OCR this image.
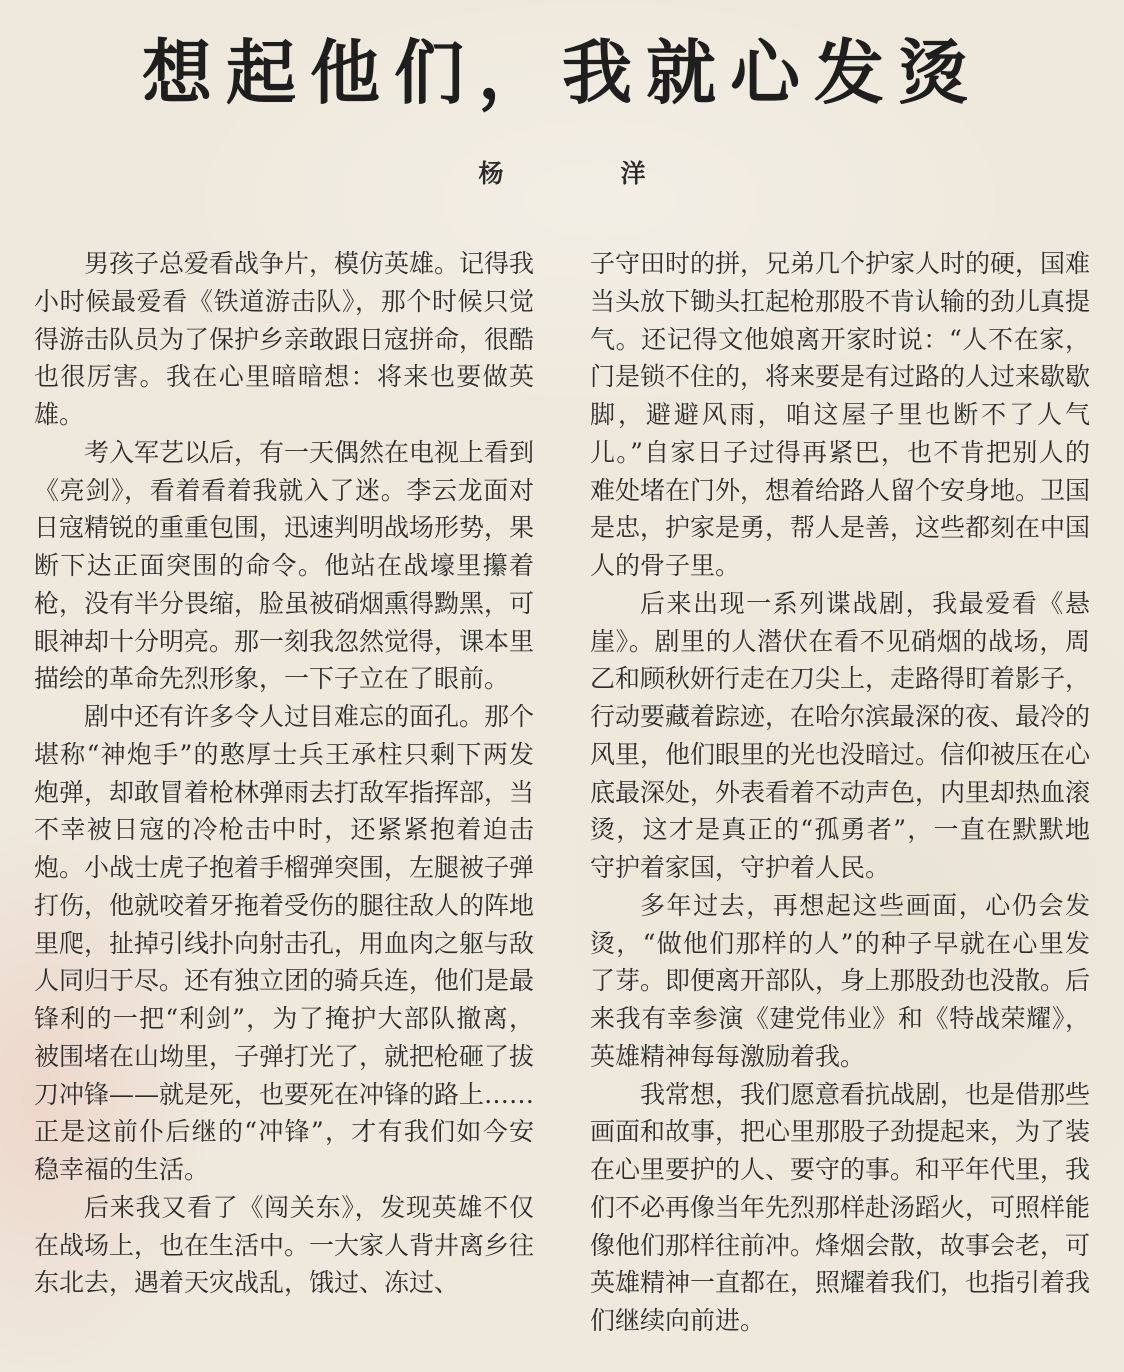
想起他们，我就心发烫
杨　洋

男孩子总爱看战争片，模仿英雄。记得我小时候最爱看《铁道游击队》，那个时候只觉得游击队员为了保护乡亲敢跟日寇拼命，很酷也很厉害。我在心里暗暗想：将来也要做英雄。

考入军艺以后，有一天偶然在电视上看到《亮剑》，看着看着我就入了迷。李云龙面对日寇精锐的重重包围，迅速判明战场形势，果断下达正面突围的命令。他站在战壕里攥着枪，没有半分畏缩，脸虽被硝烟熏得黝黑，可眼神却十分明亮。那一刻我忽然觉得，课本里描绘的革命先烈形象，一下子立在了眼前。

剧中还有许多令人过目难忘的面孔。那个堪称“神炮手”的憨厚士兵王承柱只剩下两发炮弹，却敢冒着枪林弹雨去打敌军指挥部，当不幸被日寇的冷枪击中时，还紧紧抱着迫击炮。小战士虎子抱着手榴弹突围，左腿被子弹打伤，他就咬着牙拖着受伤的腿往敌人的阵地里爬，扯掉引线扑向射击孔，用血肉之躯与敌人同归于尽。还有独立团的骑兵连，他们是最锋利的一把“利剑”，为了掩护大部队撤离，被围堵在山坳里，子弹打光了，就把枪砸了拔刀冲锋——就是死，也要死在冲锋的路上……正是这前仆后继的“冲锋”，才有我们如今安稳幸福的生活。

后来我又看了《闯关东》，发现英雄不仅在战场上，也在生活中。一大家人背井离乡往东北去，遇着天灾战乱，饿过、冻过、

子守田时的拼，兄弟几个护家人时的硬，国难当头放下锄头扛起枪那股不肯认输的劲儿真提气。还记得文他娘离开家时说：“人不在家，门是锁不住的，将来要是有过路的人过来歇歇脚，避避风雨，咱这屋子里也断不了人气儿。”自家日子过得再紧巴，也不肯把别人的难处堵在门外，想着给路人留个安身地。卫国是忠，护家是勇，帮人是善，这些都刻在中国人的骨子里。

后来出现一系列谍战剧，我最爱看《悬崖》。剧里的人潜伏在看不见硝烟的战场，周乙和顾秋妍行走在刀尖上，走路得盯着影子，行动要藏着踪迹，在哈尔滨最深的夜、最冷的风里，他们眼里的光也没暗过。信仰被压在心底最深处，外表看着不动声色，内里却热血滚烫，这才是真正的“孤勇者”，一直在默默地守护着家国，守护着人民。

多年过去，再想起这些画面，心仍会发烫，“做他们那样的人”的种子早就在心里发了芽。即便离开部队，身上那股劲也没散。后来我有幸参演《建党伟业》和《特战荣耀》，英雄精神每每激励着我。

我常想，我们愿意看抗战剧，也是借那些画面和故事，把心里那股子劲提起来，为了装在心里要护的人、要守的事。和平年代里，我们不必再像当年先烈那样赴汤蹈火，可照样能像他们那样往前冲。烽烟会散，故事会老，可英雄精神一直都在，照耀着我们，也指引着我们继续向前进。
